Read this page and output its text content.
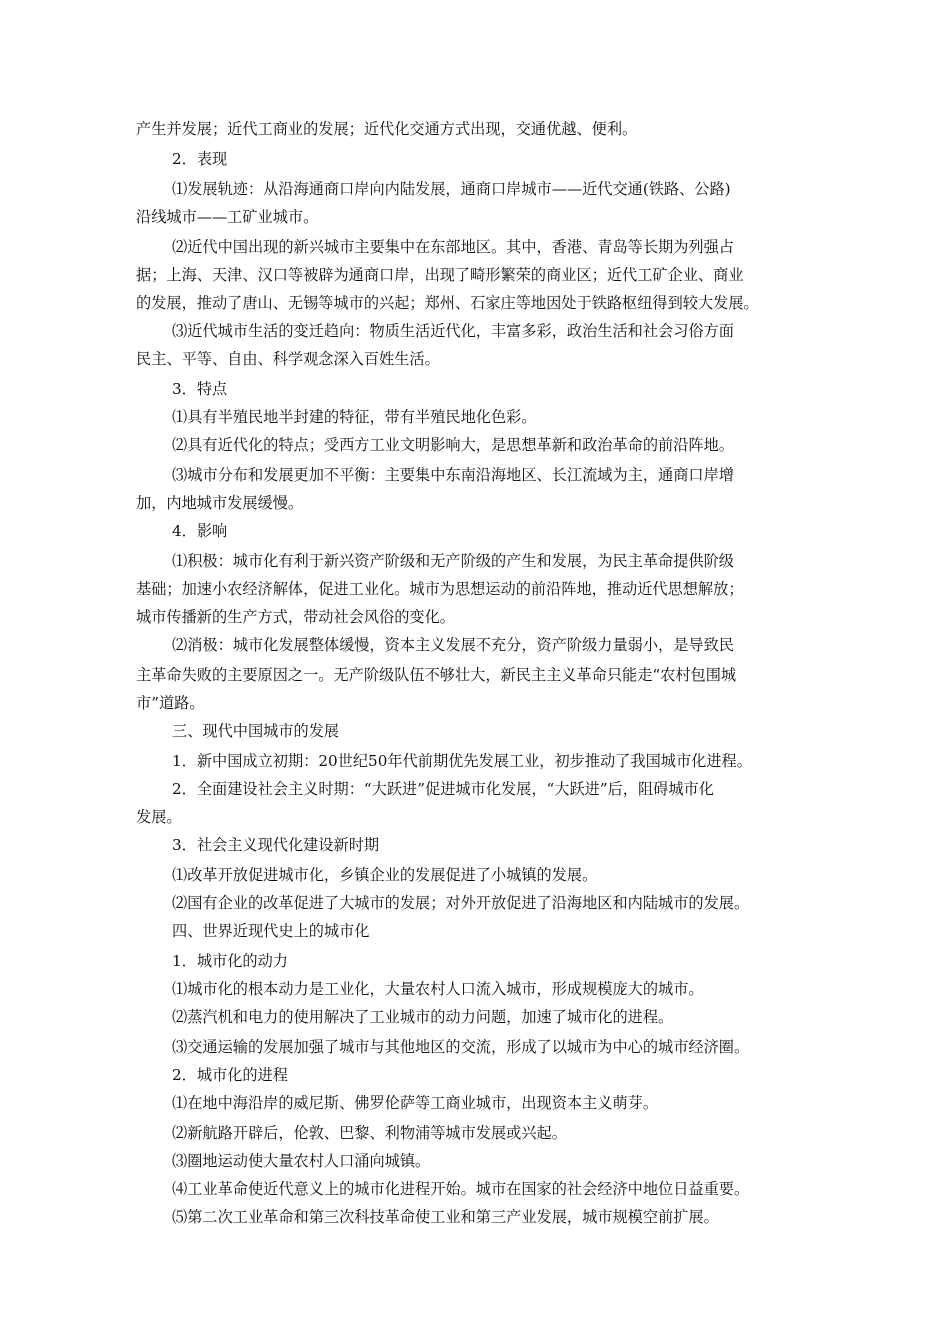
产生并发展；近代工商业的发展；近代化交通方式出现，交通优越、便利。
2．表现
⑴发展轨迹：从沿海通商口岸向内陆发展，通商口岸城市——近代交通(铁路、公路)
沿线城市——工矿业城市。
⑵近代中国出现的新兴城市主要集中在东部地区。其中，香港、青岛等长期为列强占
据；上海、天津、汉口等被辟为通商口岸，出现了畸形繁荣的商业区；近代工矿企业、商业
的发展，推动了唐山、无锡等城市的兴起；郑州、石家庄等地因处于铁路枢纽得到较大发展。
⑶近代城市生活的变迁趋向：物质生活近代化，丰富多彩，政治生活和社会习俗方面
民主、平等、自由、科学观念深入百姓生活。
3．特点
⑴具有半殖民地半封建的特征，带有半殖民地化色彩。
⑵具有近代化的特点；受西方工业文明影响大，是思想革新和政治革命的前沿阵地。
⑶城市分布和发展更加不平衡：主要集中东南沿海地区、长江流域为主，通商口岸增
加，内地城市发展缓慢。
4．影响
⑴积极：城市化有利于新兴资产阶级和无产阶级的产生和发展，为民主革命提供阶级
基础；加速小农经济解体，促进工业化。城市为思想运动的前沿阵地，推动近代思想解放；
城市传播新的生产方式，带动社会风俗的变化。
⑵消极：城市化发展整体缓慢，资本主义发展不充分，资产阶级力量弱小，是导致民
主革命失败的主要原因之一。无产阶级队伍不够壮大，新民主主义革命只能走“农村包围城
市”道路。
三、现代中国城市的发展
1．新中国成立初期：20世纪50年代前期优先发展工业，初步推动了我国城市化进程。
2．全面建设社会主义时期：“大跃进”促进城市化发展，“大跃进”后，阻碍城市化
发展。
3．社会主义现代化建设新时期
⑴改革开放促进城市化，乡镇企业的发展促进了小城镇的发展。
⑵国有企业的改革促进了大城市的发展；对外开放促进了沿海地区和内陆城市的发展。
四、世界近现代史上的城市化
1．城市化的动力
⑴城市化的根本动力是工业化，大量农村人口流入城市，形成规模庞大的城市。
⑵蒸汽机和电力的使用解决了工业城市的动力问题，加速了城市化的进程。
⑶交通运输的发展加强了城市与其他地区的交流，形成了以城市为中心的城市经济圈。
2．城市化的进程
⑴在地中海沿岸的威尼斯、佛罗伦萨等工商业城市，出现资本主义萌芽。
⑵新航路开辟后，伦敦、巴黎、利物浦等城市发展或兴起。
⑶圈地运动使大量农村人口涌向城镇。
⑷工业革命使近代意义上的城市化进程开始。城市在国家的社会经济中地位日益重要。
⑸第二次工业革命和第三次科技革命使工业和第三产业发展，城市规模空前扩展。
